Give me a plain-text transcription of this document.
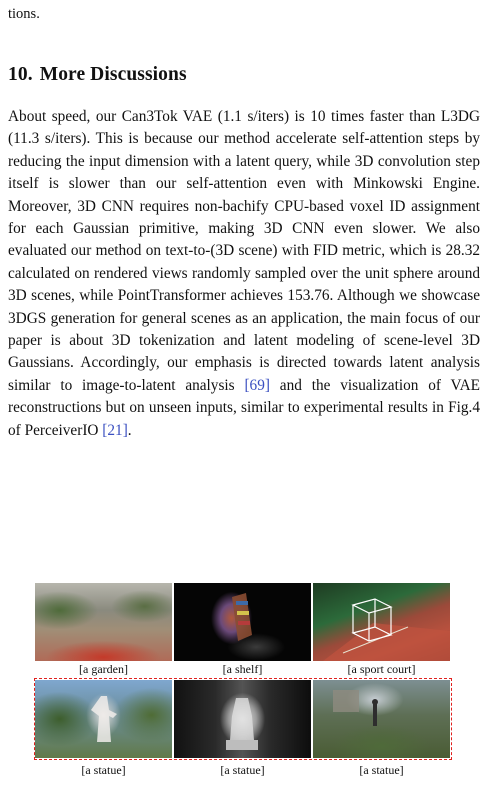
tions.
10. More Discussions
About speed, our Can3Tok VAE (1.1 s/iters) is 10 times faster than L3DG (11.3 s/iters). This is because our method accelerate self-attention steps by reducing the input dimension with a latent query, while 3D convolution step itself is slower than our self-attention even with Minkowski Engine. Moreover, 3D CNN requires non-bachify CPU-based voxel ID assignment for each Gaussian primitive, making 3D CNN even slower. We also evaluated our method on text-to-(3D scene) with FID metric, which is 28.32 calculated on rendered views randomly sampled over the unit sphere around 3D scenes, while PointTransformer achieves 153.76. Although we showcase 3DGS generation for general scenes as an application, the main focus of our paper is about 3D tokenization and latent modeling of scene-level 3D Gaussians. Accordingly, our emphasis is directed towards latent analysis similar to image-to-latent analysis [69] and the visualization of VAE reconstructions but on unseen inputs, similar to experimental results in Fig.4 of PerceiverIO [21].
[a garden]	[a shelf]	[a sport court]
[a statue]	[a statue]	[a statue]
